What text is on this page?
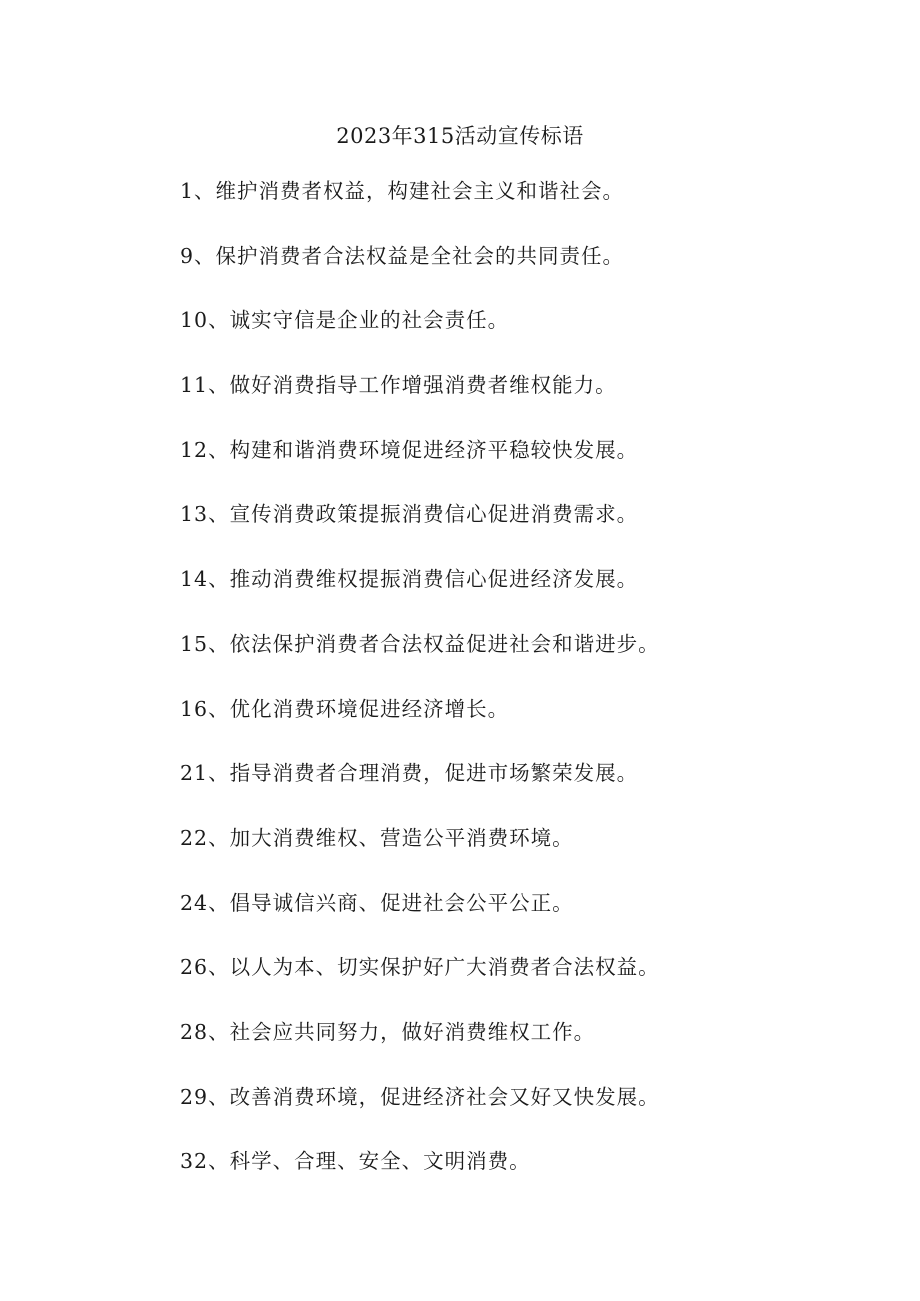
2023年315活动宣传标语
1、维护消费者权益，构建社会主义和谐社会。
9、保护消费者合法权益是全社会的共同责任。
10、诚实守信是企业的社会责任。
11、做好消费指导工作增强消费者维权能力。
12、构建和谐消费环境促进经济平稳较快发展。
13、宣传消费政策提振消费信心促进消费需求。
14、推动消费维权提振消费信心促进经济发展。
15、依法保护消费者合法权益促进社会和谐进步。
16、优化消费环境促进经济增长。
21、指导消费者合理消费，促进市场繁荣发展。
22、加大消费维权、营造公平消费环境。
24、倡导诚信兴商、促进社会公平公正。
26、以人为本、切实保护好广大消费者合法权益。
28、社会应共同努力，做好消费维权工作。
29、改善消费环境，促进经济社会又好又快发展。
32、科学、合理、安全、文明消费。
